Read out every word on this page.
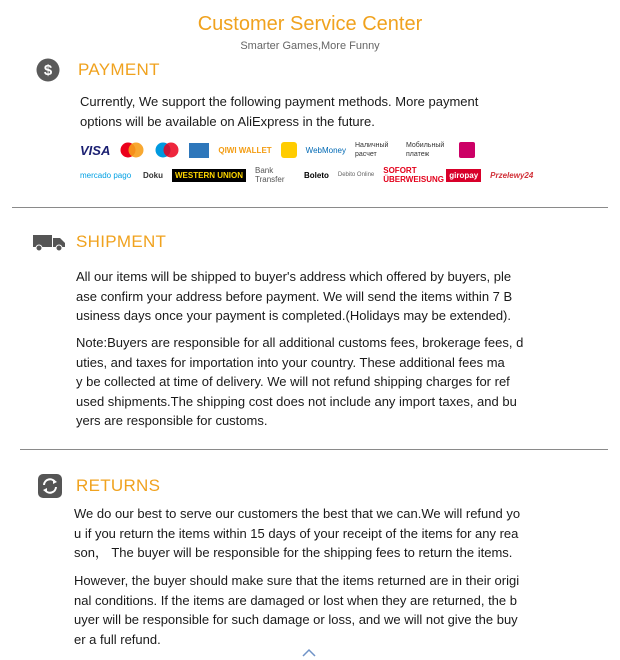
Customer Service Center
Smarter Games,More Funny
$ PAYMENT
Currently, We support the following payment methods. More payment
options will be available on AliExpress in the future.
VISA	QIWI WALLET	WebMoney Наличный расчет
Мобильный платеж
mercado pago	Doku	WESTERN UNION	Bank Transfer	Boleto Debito Online SOFORT ÜBERWEISUNG giropay	Przelewy24
SHIPMENT
All our items will be shipped to buyer's address which offered by buyers, ple
ase confirm your address before payment. We will send the items within 7 B
usiness days once your payment is completed.(Holidays may be extended).
Note:Buyers are responsible for all additional customs fees, brokerage fees, d
uties, and taxes for importation into your country. These additional fees ma
y be collected at time of delivery. We will not refund shipping charges for ref
used shipments.The shipping cost does not include any import taxes, and bu
yers are responsible for customs.
RETURNS
We do our best to serve our customers the best that we can.We will refund yo
u if you return the items within 15 days of your receipt of the items for any rea
son， The buyer will be responsible for the shipping fees to return the items.
However, the buyer should make sure that the items returned are in their origi
nal conditions. If the items are damaged or lost when they are returned, the b
uyer will be responsible for such damage or loss, and we will not give the buy
er a full refund.
